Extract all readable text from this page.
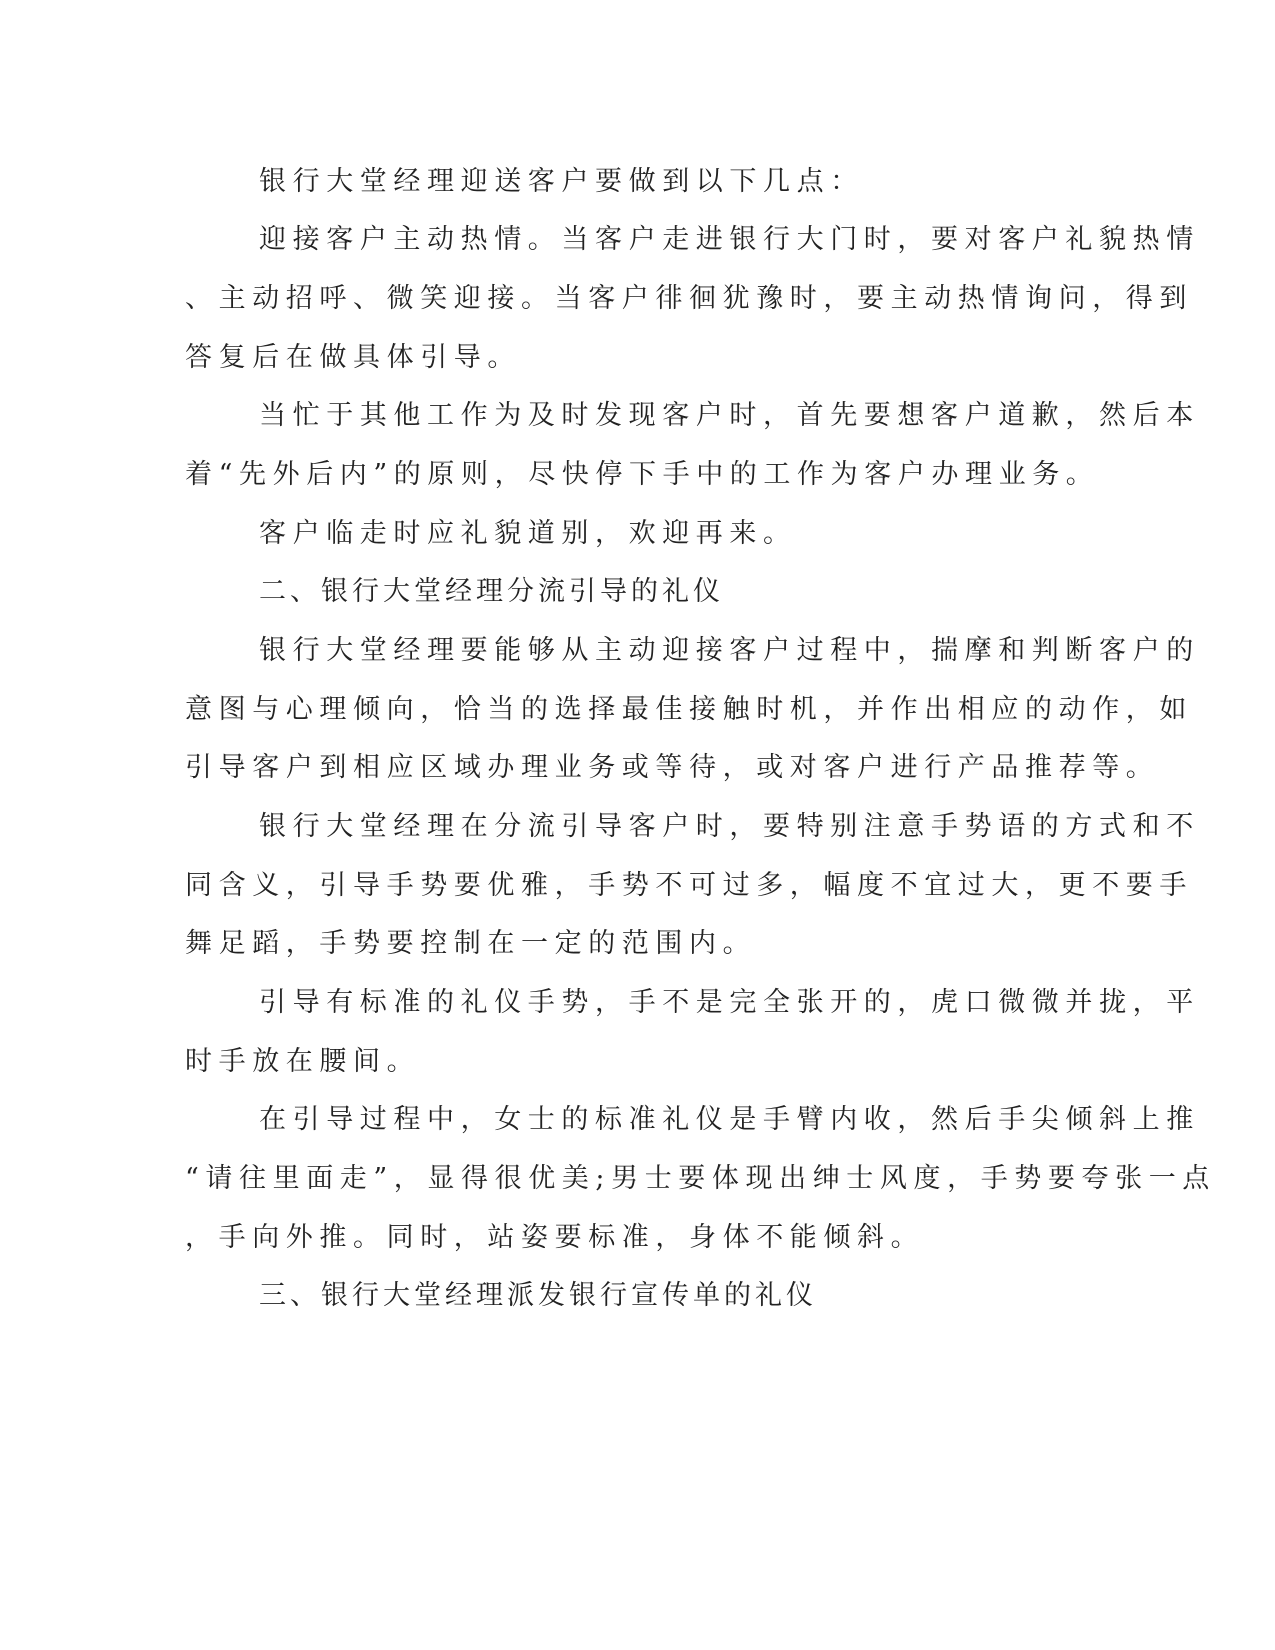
银行大堂经理迎送客户要做到以下几点：
迎接客户主动热情。当客户走进银行大门时，要对客户礼貌热情
、主动招呼、微笑迎接。当客户徘徊犹豫时，要主动热情询问，得到
答复后在做具体引导。
当忙于其他工作为及时发现客户时，首先要想客户道歉，然后本
着“先外后内”的原则，尽快停下手中的工作为客户办理业务。
客户临走时应礼貌道别，欢迎再来。
二、银行大堂经理分流引导的礼仪
银行大堂经理要能够从主动迎接客户过程中，揣摩和判断客户的
意图与心理倾向，恰当的选择最佳接触时机，并作出相应的动作，如
引导客户到相应区域办理业务或等待，或对客户进行产品推荐等。
银行大堂经理在分流引导客户时，要特别注意手势语的方式和不
同含义，引导手势要优雅，手势不可过多，幅度不宜过大，更不要手
舞足蹈，手势要控制在一定的范围内。
引导有标准的礼仪手势，手不是完全张开的，虎口微微并拢，平
时手放在腰间。
在引导过程中，女士的标准礼仪是手臂内收，然后手尖倾斜上推
“请往里面走”，显得很优美;男士要体现出绅士风度，手势要夸张一点
，手向外推。同时，站姿要标准，身体不能倾斜。
三、银行大堂经理派发银行宣传单的礼仪
